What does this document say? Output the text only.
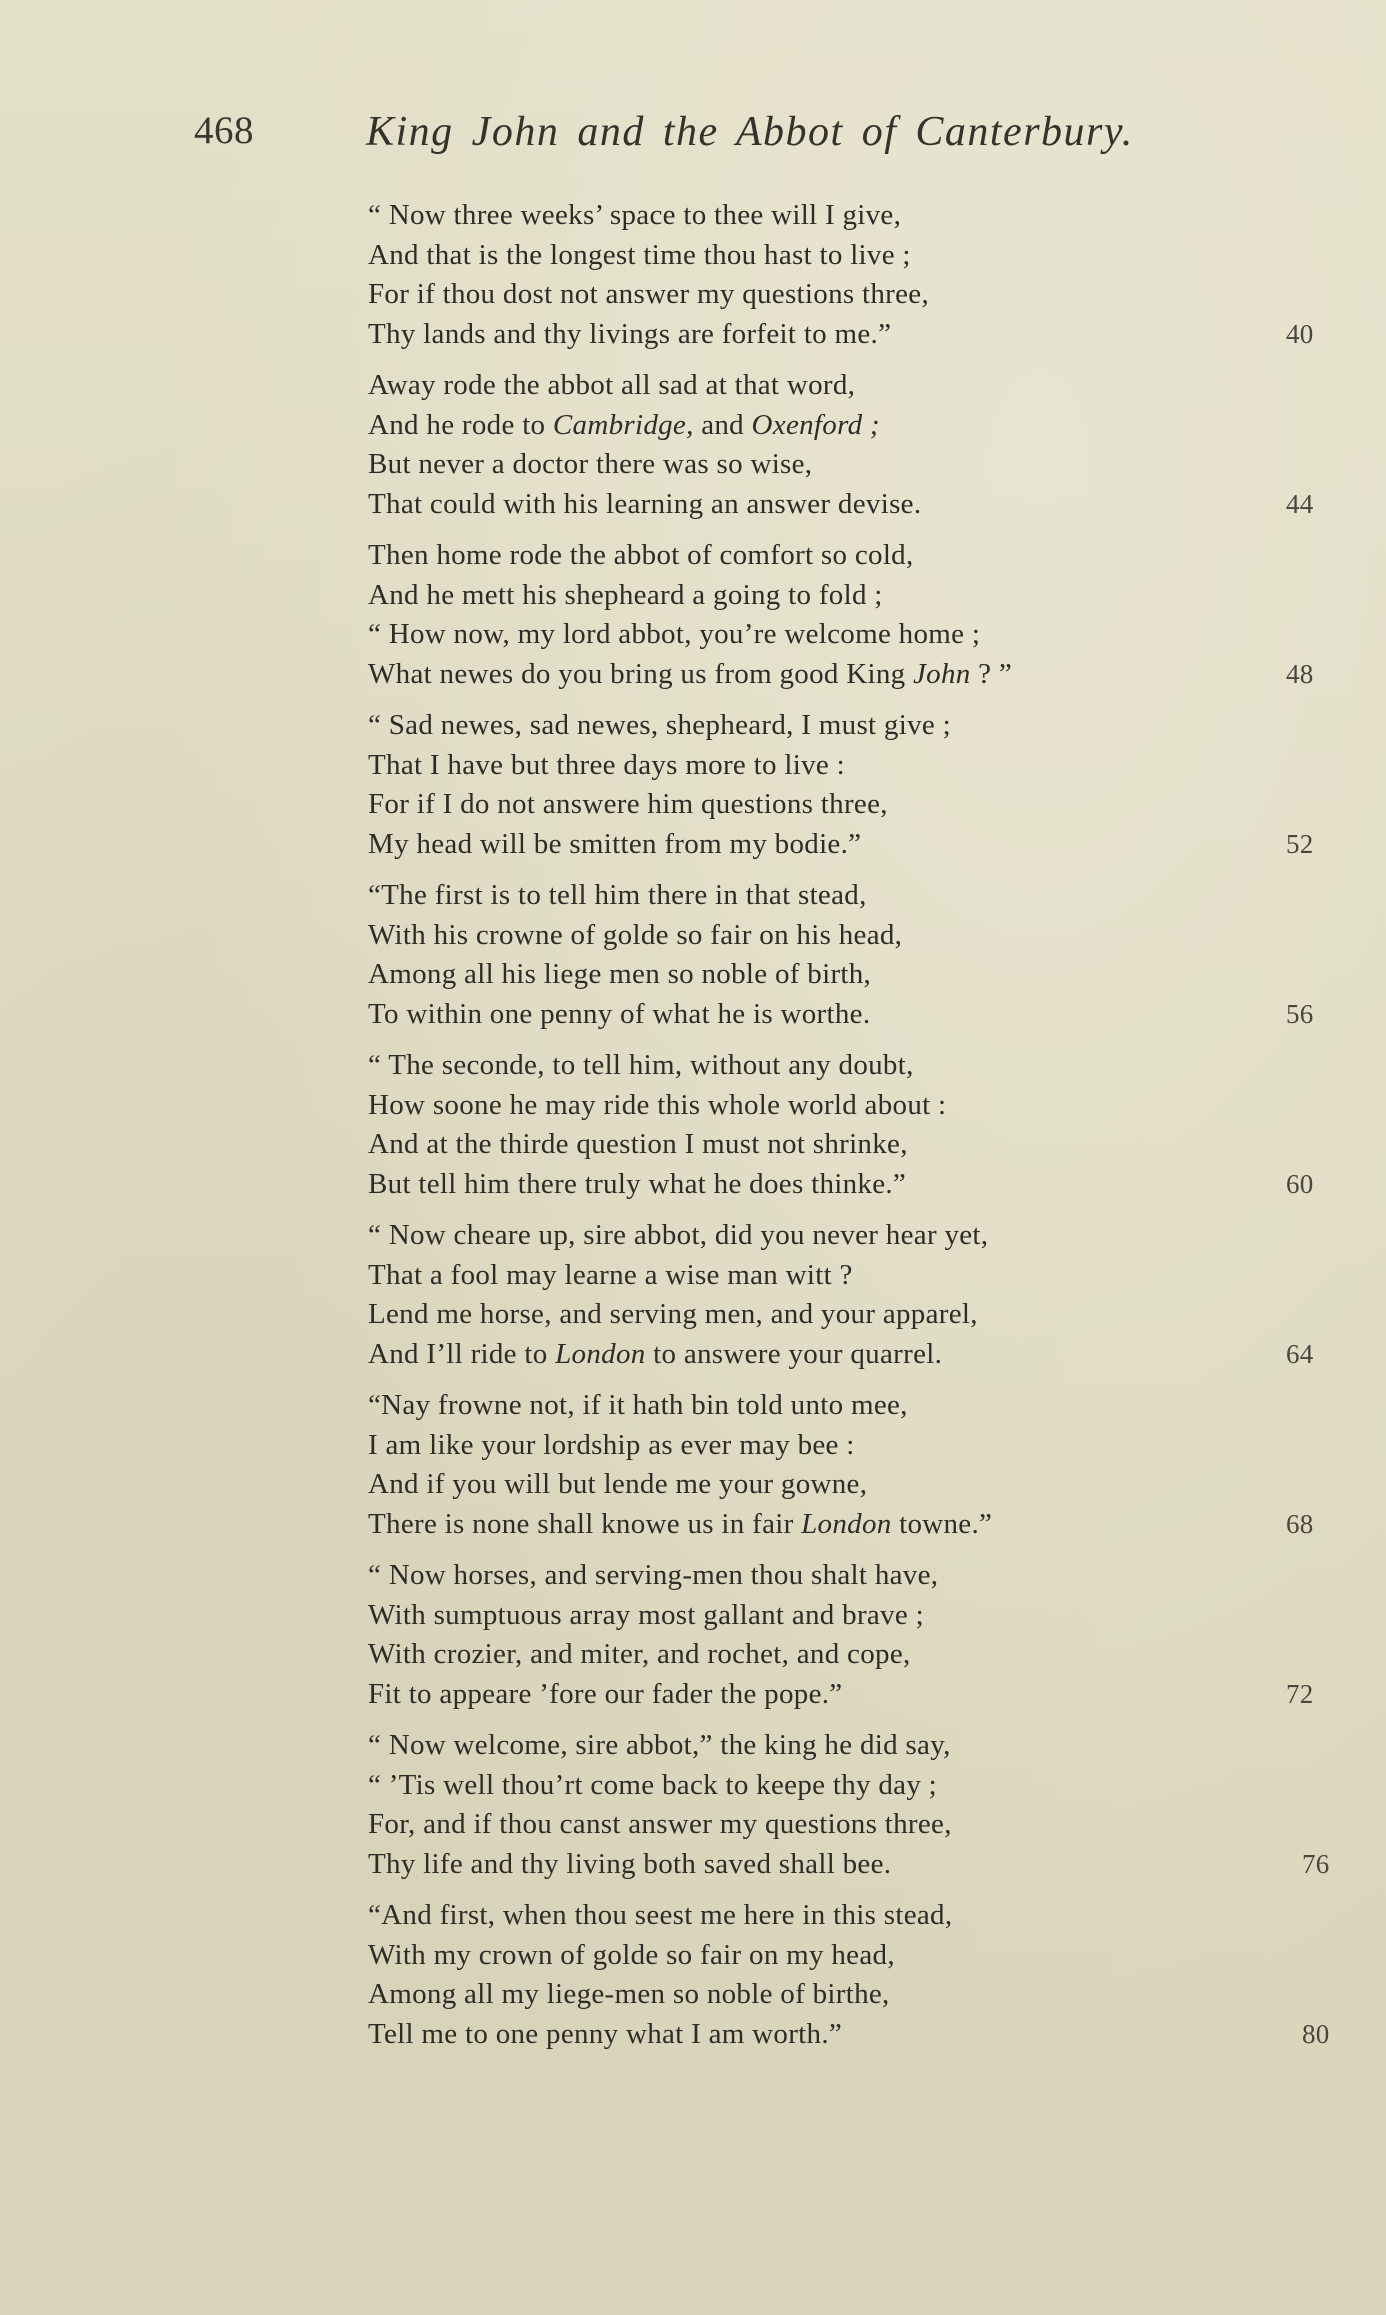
468	King John and the Abbot of Canterbury.
“ Now three weeks’ space to thee will I give,
And that is the longest time thou hast to live ;
For if thou dost not answer my questions three,
Thy lands and thy livings are forfeit to me.”	40
Away rode the abbot all sad at that word,
And he rode to Cambridge, and Oxenford ;
But never a doctor there was so wise,
That could with his learning an answer devise.	44
Then home rode the abbot of comfort so cold,
And he mett his shepheard a going to fold ;
“ How now, my lord abbot, you’re welcome home ;
What newes do you bring us from good King John ? ”	48
“ Sad newes, sad newes, shepheard, I must give ;
That I have but three days more to live :
For if I do not answere him questions three,
My head will be smitten from my bodie.”	52
“The first is to tell him there in that stead,
With his crowne of golde so fair on his head,
Among all his liege men so noble of birth,
To within one penny of what he is worthe.	56
“ The seconde, to tell him, without any doubt,
How soone he may ride this whole world about :
And at the thirde question I must not shrinke,
But tell him there truly what he does thinke.”	60
“ Now cheare up, sire abbot, did you never hear yet,
That a fool may learne a wise man witt ?
Lend me horse, and serving men, and your apparel,
And I’ll ride to London to answere your quarrel.	64
“Nay frowne not, if it hath bin told unto mee,
I am like your lordship as ever may bee :
And if you will but lende me your gowne,
There is none shall knowe us in fair London towne.”	68
“ Now horses, and serving-men thou shalt have,
With sumptuous array most gallant and brave ;
With crozier, and miter, and rochet, and cope,
Fit to appeare ’fore our fader the pope.”	72
“ Now welcome, sire abbot,” the king he did say,
“ ’Tis well thou’rt come back to keepe thy day ;
For, and if thou canst answer my questions three,
Thy life and thy living both saved shall bee.	76
“And first, when thou seest me here in this stead,
With my crown of golde so fair on my head,
Among all my liege-men so noble of birthe,
Tell me to one penny what I am worth.”	80
